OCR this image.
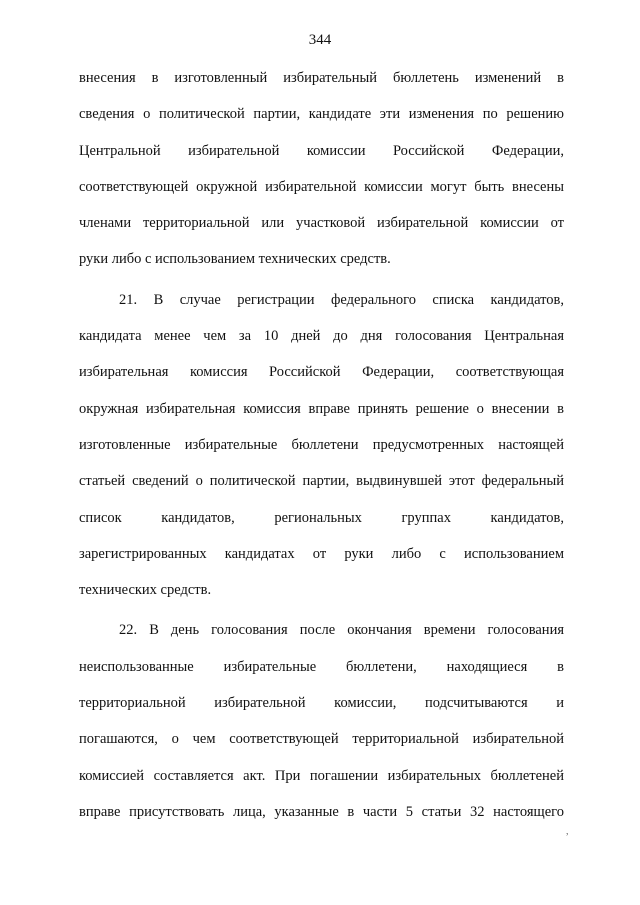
344
внесения в изготовленный избирательный бюллетень изменений в
сведения о политической партии, кандидате эти изменения по решению
Центральной избирательной комиссии Российской Федерации,
соответствующей окружной избирательной комиссии могут быть внесены
членами территориальной или участковой избирательной комиссии от
руки либо с использованием технических средств.
21. В случае регистрации федерального списка кандидатов,
кандидата менее чем за 10 дней до дня голосования Центральная
избирательная комиссия Российской Федерации, соответствующая
окружная избирательная комиссия вправе принять решение о внесении в
изготовленные избирательные бюллетени предусмотренных настоящей
статьей сведений о политической партии, выдвинувшей этот федеральный
список кандидатов, региональных группах кандидатов,
зарегистрированных кандидатах от руки либо с использованием
технических средств.
22. В день голосования после окончания времени голосования
неиспользованные избирательные бюллетени, находящиеся в
территориальной избирательной комиссии, подсчитываются и
погашаются, о чем соответствующей территориальной избирательной
комиссией составляется акт. При погашении избирательных бюллетеней
вправе присутствовать лица, указанные в части 5 статьи 32 настоящего
,
